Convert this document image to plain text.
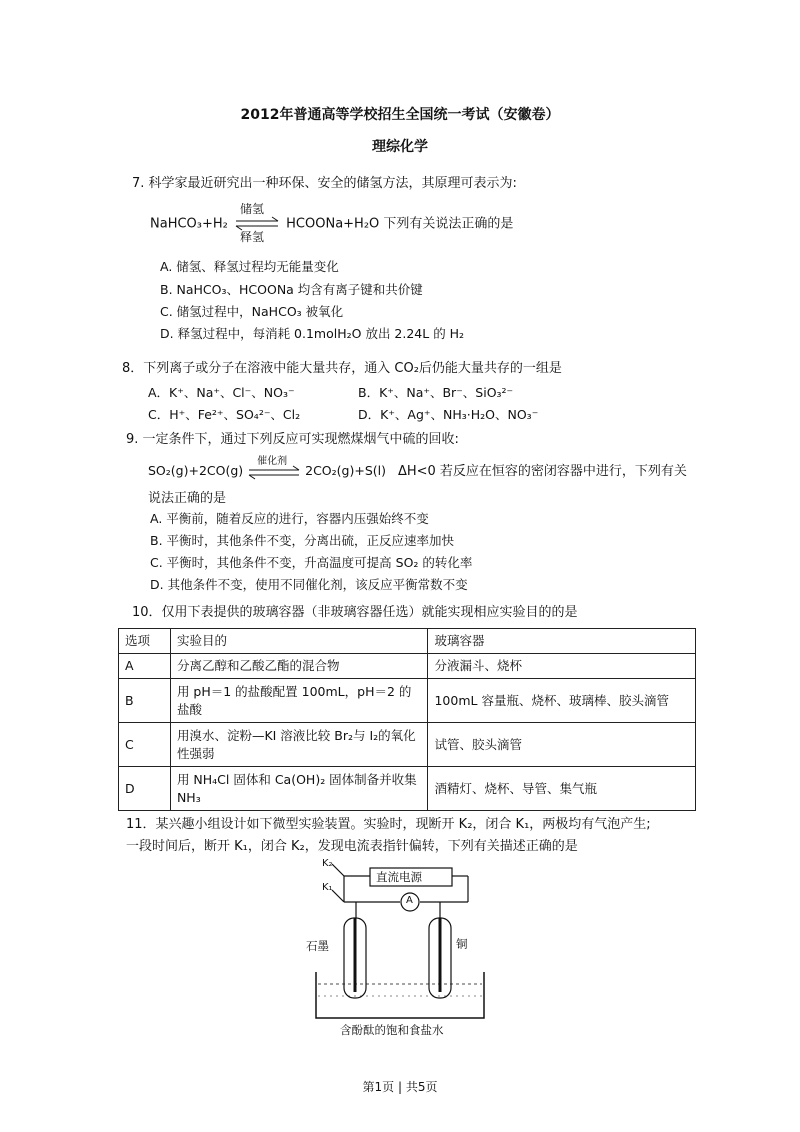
2012年普通高等学校招生全国统一考试（安徽卷）
理综化学
7. 科学家最近研究出一种环保、安全的储氢方法，其原理可表示为:
NaHCO₃+H₂
储氢
释氢
HCOONa+H₂O 下列有关说法正确的是
A. 储氢、释氢过程均无能量变化
B. NaHCO₃、HCOONa 均含有离子键和共价键
C. 储氢过程中，NaHCO₃ 被氧化
D. 释氢过程中，每消耗 0.1molH₂O 放出 2.24L 的 H₂
8．下列离子或分子在溶液中能大量共存，通入 CO₂后仍能大量共存的一组是
A．K⁺、Na⁺、Cl⁻、NO₃⁻	B．K⁺、Na⁺、Br⁻、SiO₃²⁻
C．H⁺、Fe²⁺、SO₄²⁻、Cl₂	D．K⁺、Ag⁺、NH₃·H₂O、NO₃⁻
9. 一定条件下，通过下列反应可实现燃煤烟气中硫的回收:
SO₂(g)+2CO(g)
催化剂
2CO₂(g)+S(l) ΔH<0 若反应在恒容的密闭容器中进行，下列有关
说法正确的是
A. 平衡前，随着反应的进行，容器内压强始终不变
B. 平衡时，其他条件不变，分离出硫，正反应速率加快
C. 平衡时，其他条件不变，升高温度可提高 SO₂ 的转化率
D. 其他条件不变，使用不同催化剂，该反应平衡常数不变
10．仅用下表提供的玻璃容器（非玻璃容器任选）就能实现相应实验目的的是
选项	实验目的	玻璃容器
A	分离乙醇和乙酸乙酯的混合物	分液漏斗、烧杯
B	用 pH＝1 的盐酸配置 100mL，pH＝2 的盐酸	100mL 容量瓶、烧杯、玻璃棒、胶头滴管
C	用溴水、淀粉—KI 溶液比较 Br₂与 I₂的氧化性强弱	试管、胶头滴管
D	用 NH₄Cl 固体和 Ca(OH)₂ 固体制备并收集 NH₃	酒精灯、烧杯、导管、集气瓶
11．某兴趣小组设计如下微型实验装置。实验时，现断开 K₂，闭合 K₁，两极均有气泡产生;
一段时间后，断开 K₁，闭合 K₂，发现电流表指针偏转，下列有关描述正确的是
K₂
K₁
直流电源
A
石墨	铜
含酚酞的饱和食盐水
第1页 | 共5页
